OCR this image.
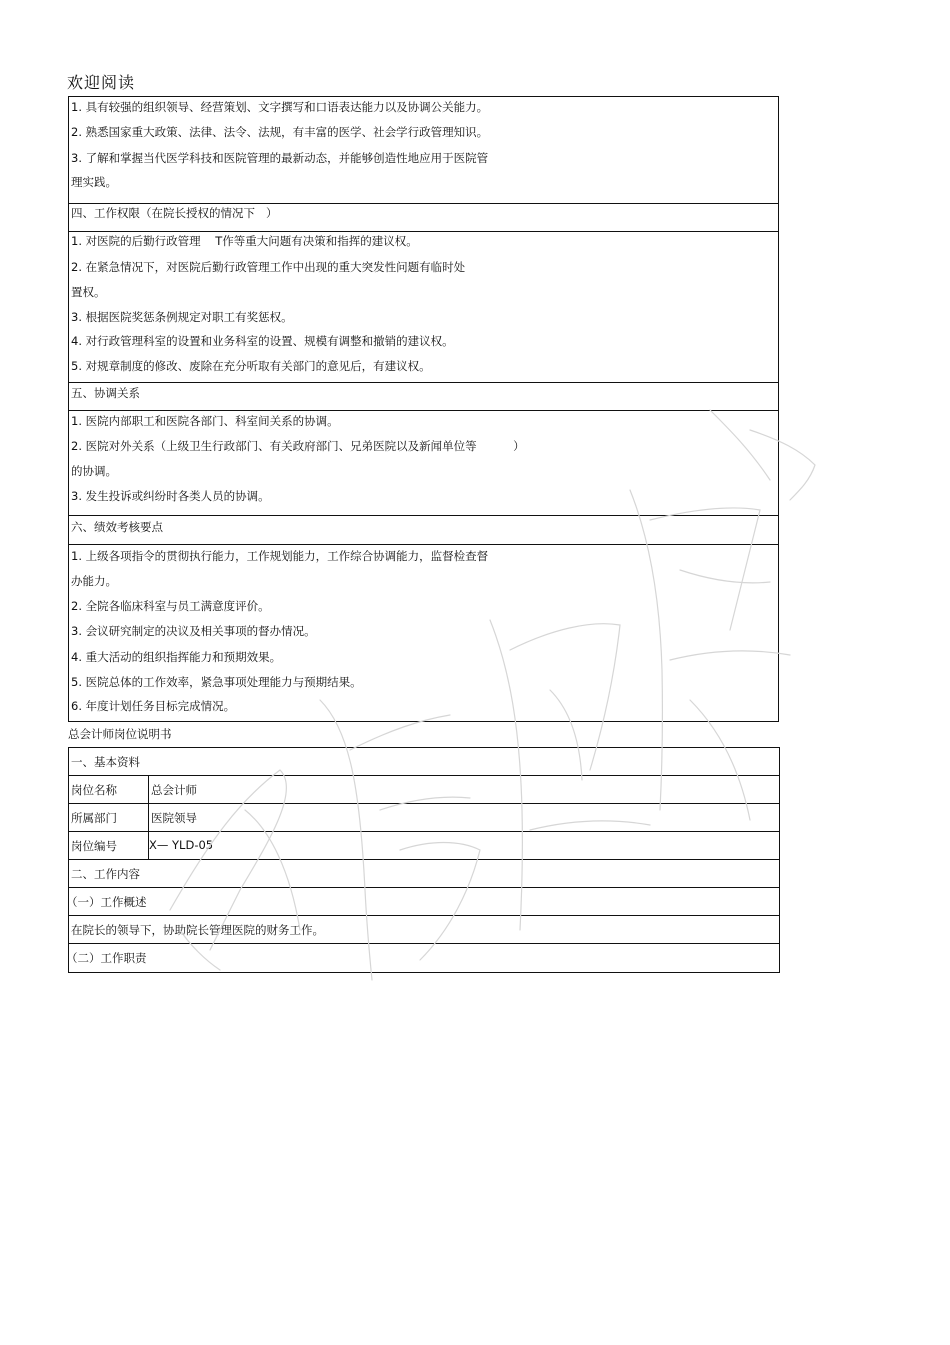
欢迎阅读
1. 具有较强的组织领导、经营策划、文字撰写和口语表达能力以及协调公关能力。
2. 熟悉国家重大政策、法律、法令、法规，有丰富的医学、社会学行政管理知识。
3. 了解和掌握当代医学科技和医院管理的最新动态，并能够创造性地应用于医院管
理实践。
四、工作权限（在院长授权的情况下   ）
1. 对医院的后勤行政管理    T作等重大问题有决策和指挥的建议权。
2. 在紧急情况下，对医院后勤行政管理工作中出现的重大突发性问题有临时处
置权。
3. 根据医院奖惩条例规定对职工有奖惩权。
4. 对行政管理科室的设置和业务科室的设置、规模有调整和撤销的建议权。
5. 对规章制度的修改、废除在充分听取有关部门的意见后，有建议权。
五、协调关系
1. 医院内部职工和医院各部门、科室间关系的协调。
2. 医院对外关系（上级卫生行政部门、有关政府部门、兄弟医院以及新闻单位等          ）
的协调。
3. 发生投诉或纠纷时各类人员的协调。
六、绩效考核要点
1. 上级各项指令的贯彻执行能力，工作规划能力，工作综合协调能力，监督检查督
办能力。
2. 全院各临床科室与员工满意度评价。
3. 会议研究制定的决议及相关事项的督办情况。
4. 重大活动的组织指挥能力和预期效果。
5. 医院总体的工作效率，紧急事项处理能力与预期结果。
6. 年度计划任务目标完成情况。
总会计师岗位说明书
一、基本资料
岗位名称	总会计师
所属部门	医院领导
岗位编号	X— YLD-05
二、工作内容
（一）工作概述
在院长的领导下，协助院长管理医院的财务工作。
（二）工作职责
